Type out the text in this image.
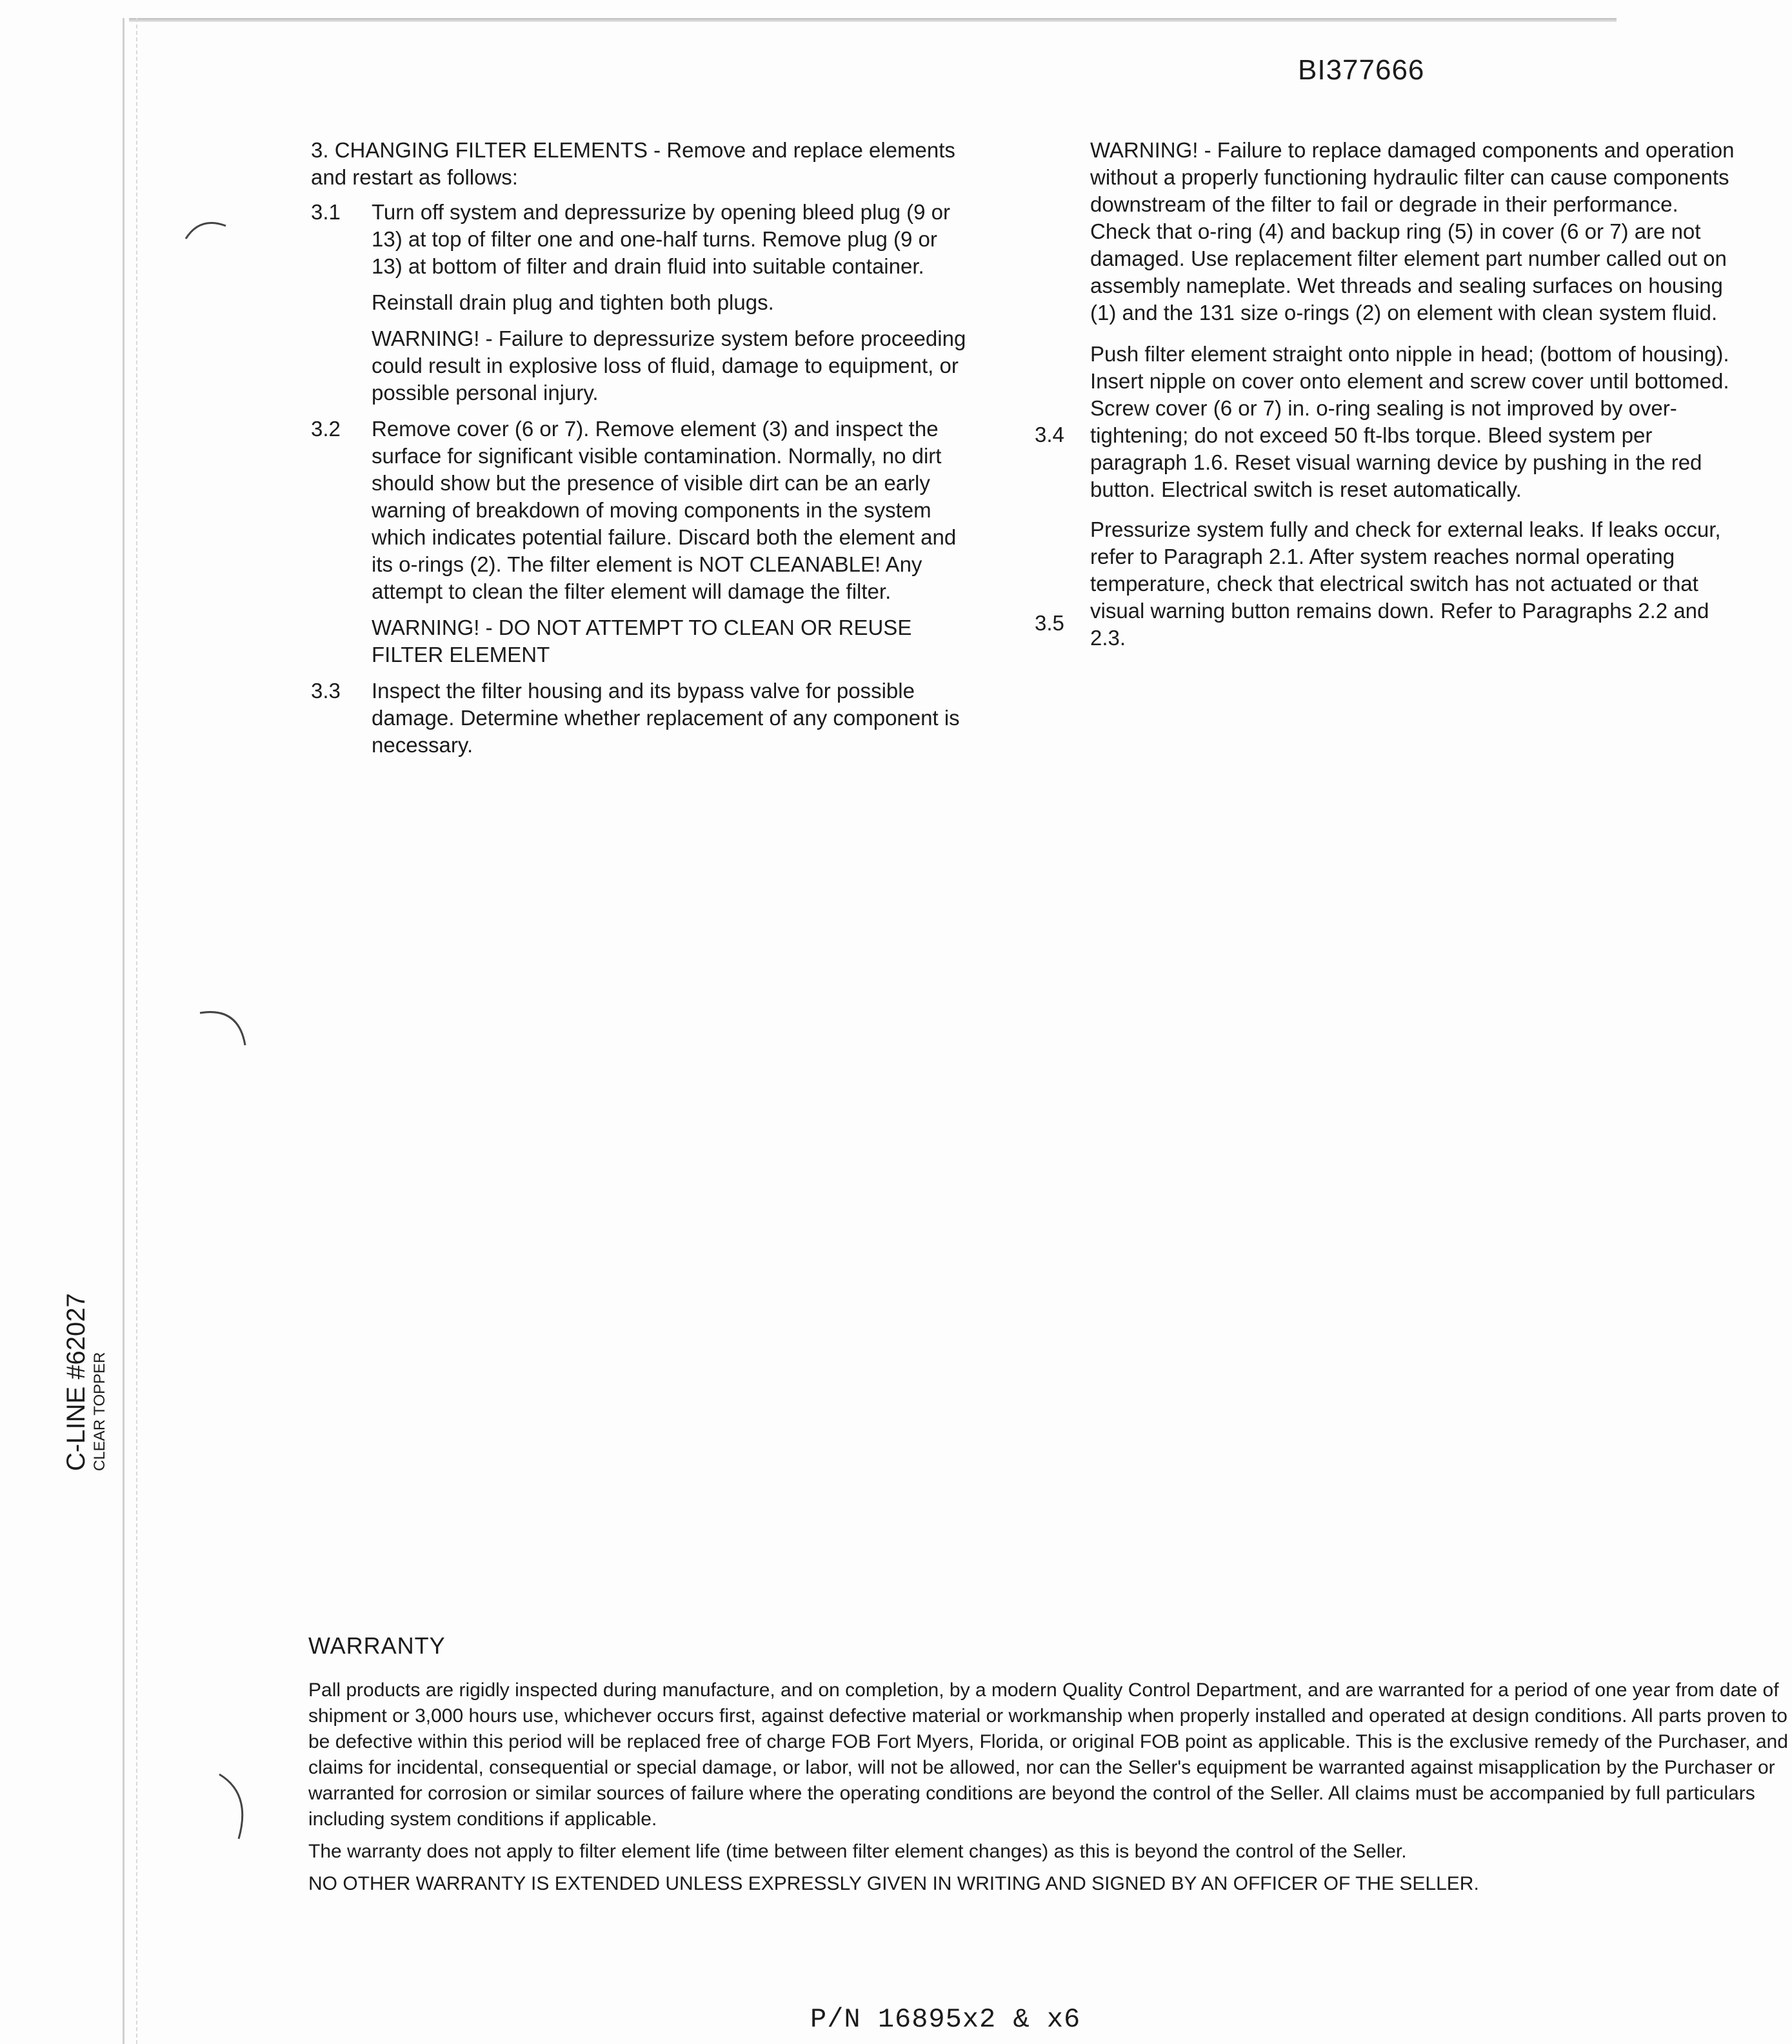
BI377666
3. CHANGING FILTER ELEMENTS - Remove and replace elements and restart as follows:
3.1 Turn off system and depressurize by opening bleed plug (9 or 13) at top of filter one and one-half turns. Remove plug (9 or 13) at bottom of filter and drain fluid into suitable container.

Reinstall drain plug and tighten both plugs.

WARNING! - Failure to depressurize system before proceeding could result in explosive loss of fluid, damage to equipment, or possible personal injury.

3.2 Remove cover (6 or 7). Remove element (3) and inspect the surface for significant visible contamination. Normally, no dirt should show but the presence of visible dirt can be an early warning of breakdown of moving components in the system which indicates potential failure. Discard both the element and its o-rings (2). The filter element is NOT CLEANABLE! Any attempt to clean the filter element will damage the filter.

WARNING! - DO NOT ATTEMPT TO CLEAN OR REUSE FILTER ELEMENT

3.3 Inspect the filter housing and its bypass valve for possible damage. Determine whether replacement of any component is necessary.

3.4
3.5

WARNING! - Failure to replace damaged components and operation without a properly functioning hydraulic filter can cause components downstream of the filter to fail or degrade in their performance. Check that o-ring (4) and backup ring (5) in cover (6 or 7) are not damaged. Use replacement filter element part number called out on assembly nameplate. Wet threads and sealing surfaces on housing (1) and the 131 size o-rings (2) on element with clean system fluid.

Push filter element straight onto nipple in head; (bottom of housing). Insert nipple on cover onto element and screw cover until bottomed. Screw cover (6 or 7) in. o-ring sealing is not improved by over-tightening; do not exceed 50 ft-lbs torque. Bleed system per paragraph 1.6. Reset visual warning device by pushing in the red button. Electrical switch is reset automatically.

Pressurize system fully and check for external leaks. If leaks occur, refer to Paragraph 2.1. After system reaches normal operating temperature, check that electrical switch has not actuated or that visual warning button remains down. Refer to Paragraphs 2.2 and 2.3.

WARRANTY

Pall products are rigidly inspected during manufacture, and on completion, by a modern Quality Control Department, and are warranted for a period of one year from date of shipment or 3,000 hours use, whichever occurs first, against defective material or workmanship when properly installed and operated at design conditions. All parts proven to be defective within this period will be replaced free of charge FOB Fort Myers, Florida, or original FOB point as applicable. This is the exclusive remedy of the Purchaser, and claims for incidental, consequential or special damage, or labor, will not be allowed, nor can the Seller's equipment be warranted against misapplication by the Purchaser or warranted for corrosion or similar sources of failure where the operating conditions are beyond the control of the Seller. All claims must be accompanied by full particulars including system conditions if applicable.

The warranty does not apply to filter element life (time between filter element changes) as this is beyond the control of the Seller.

NO OTHER WARRANTY IS EXTENDED UNLESS EXPRESSLY GIVEN IN WRITING AND SIGNED BY AN OFFICER OF THE SELLER.

P/N 16895x2 & x6
C-LINE #62027 CLEAR TOPPER
